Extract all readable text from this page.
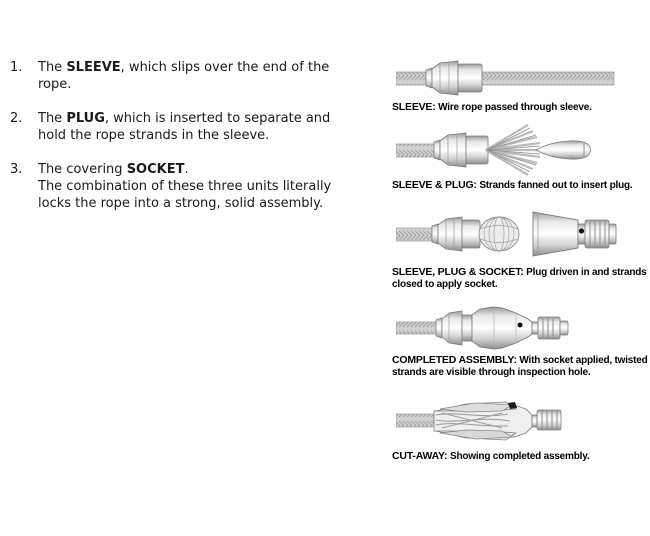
1.	The SLEEVE, which slips over the end of the rope.

2.	The PLUG, which is inserted to separate and hold the rope strands in the sleeve.

3.	The covering SOCKET.

The combination of these three units literally locks the rope into a strong, solid assembly.

SLEEVE: Wire rope passed through sleeve.
SLEEVE & PLUG: Strands fanned out to insert plug.
SLEEVE, PLUG & SOCKET: Plug driven in and strands closed to apply socket.
COMPLETED ASSEMBLY: With socket applied, twisted strands are visible through inspection hole.
CUT-AWAY: Showing completed assembly.
